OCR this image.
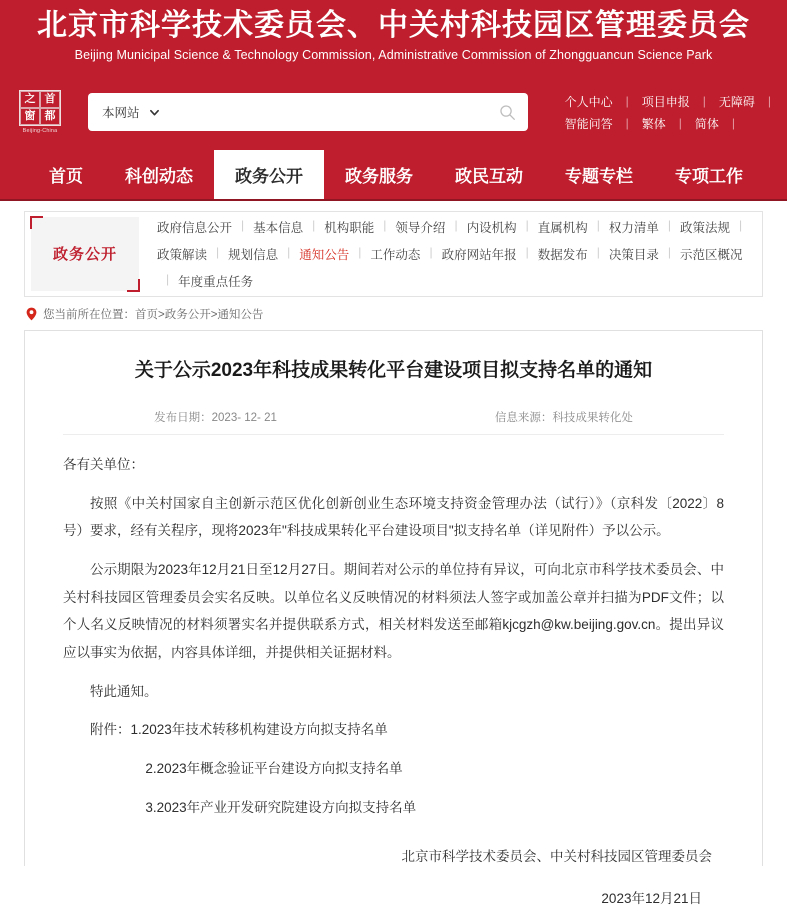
北京市科学技术委员会、中关村科技园区管理委员会
Beijing Municipal Science & Technology Commission, Administrative Commission of Zhongguancun Science Park
之 首
窗 都
Beijing-China
本网站
个人中心	|	项目申报	|	无障碍	|
智能问答	|	繁体	|	简体	|
首页	科创动态	政务公开	政务服务	政民互动	专题专栏	专项工作
政务公开
政府信息公开 | 基本信息 | 机构职能 | 领导介绍 | 内设机构 | 直属机构 | 权力清单 | 政策法规 |
政策解读 | 规划信息 | 通知公告 | 工作动态 | 政府网站年报 | 数据发布 | 决策目录 | 示范区概况
| 年度重点任务
您当前所在位置：首页>政务公开>通知公告
关于公示2023年科技成果转化平台建设项目拟支持名单的通知
发布日期：2023- 12- 21	信息来源：科技成果转化处

各有关单位：

按照《中关村国家自主创新示范区优化创新创业生态环境支持资金管理办法（试行）》（京科发〔2022〕8号）要求，经有关程序，现将2023年"科技成果转化平台建设项目"拟支持名单（详见附件）予以公示。

公示期限为2023年12月21日至12月27日。期间若对公示的单位持有异议，可向北京市科学技术委员会、中关村科技园区管理委员会实名反映。以单位名义反映情况的材料须法人签字或加盖公章并扫描为PDF文件；以个人名义反映情况的材料须署实名并提供联系方式，相关材料发送至邮箱kjcgzh@kw.beijing.gov.cn。提出异议应以事实为依据，内容具体详细，并提供相关证据材料。

特此通知。

附件：1.2023年技术转移机构建设方向拟支持名单

2.2023年概念验证平台建设方向拟支持名单

3.2023年产业开发研究院建设方向拟支持名单

北京市科学技术委员会、中关村科技园区管理委员会

2023年12月21日
